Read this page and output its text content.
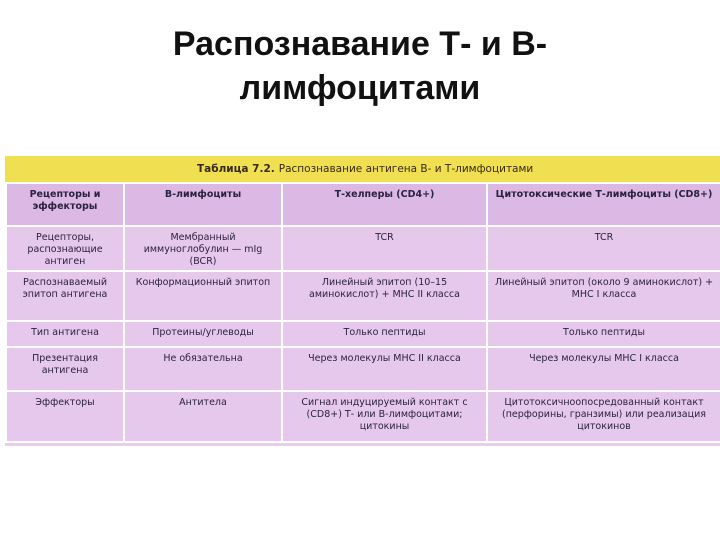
Распознавание Т- и В-
лимфоцитами
Таблица 7.2. Распознавание антигена В- и Т-лимфоцитами
Рецепторы и эффекторы	В-лимфоциты	Т-хелперы (CD4+)	Цитотоксические Т-лимфоциты (CD8+)
Рецепторы, распознающие антиген	Мембранный иммуноглобулин — mIg (BCR)	TCR	TCR
Распознаваемый эпитоп антигена	Конформационный эпитоп	Линейный эпитоп (10–15 аминокислот) + МНС II класса	Линейный эпитоп (около 9 аминокислот) + МНС I класса
Тип антигена	Протеины/углеводы	Только пептиды	Только пептиды
Презентация антигена	Не обязательна	Через молекулы МНС II класса	Через молекулы МНС I класса
Эффекторы	Антитела	Сигнал индуцируемый контакт с (CD8+) Т- или В-лимфоцитами; цитокины	Цитотоксичноопосредованный контакт (перфорины, гранзимы) или реализация цитокинов
